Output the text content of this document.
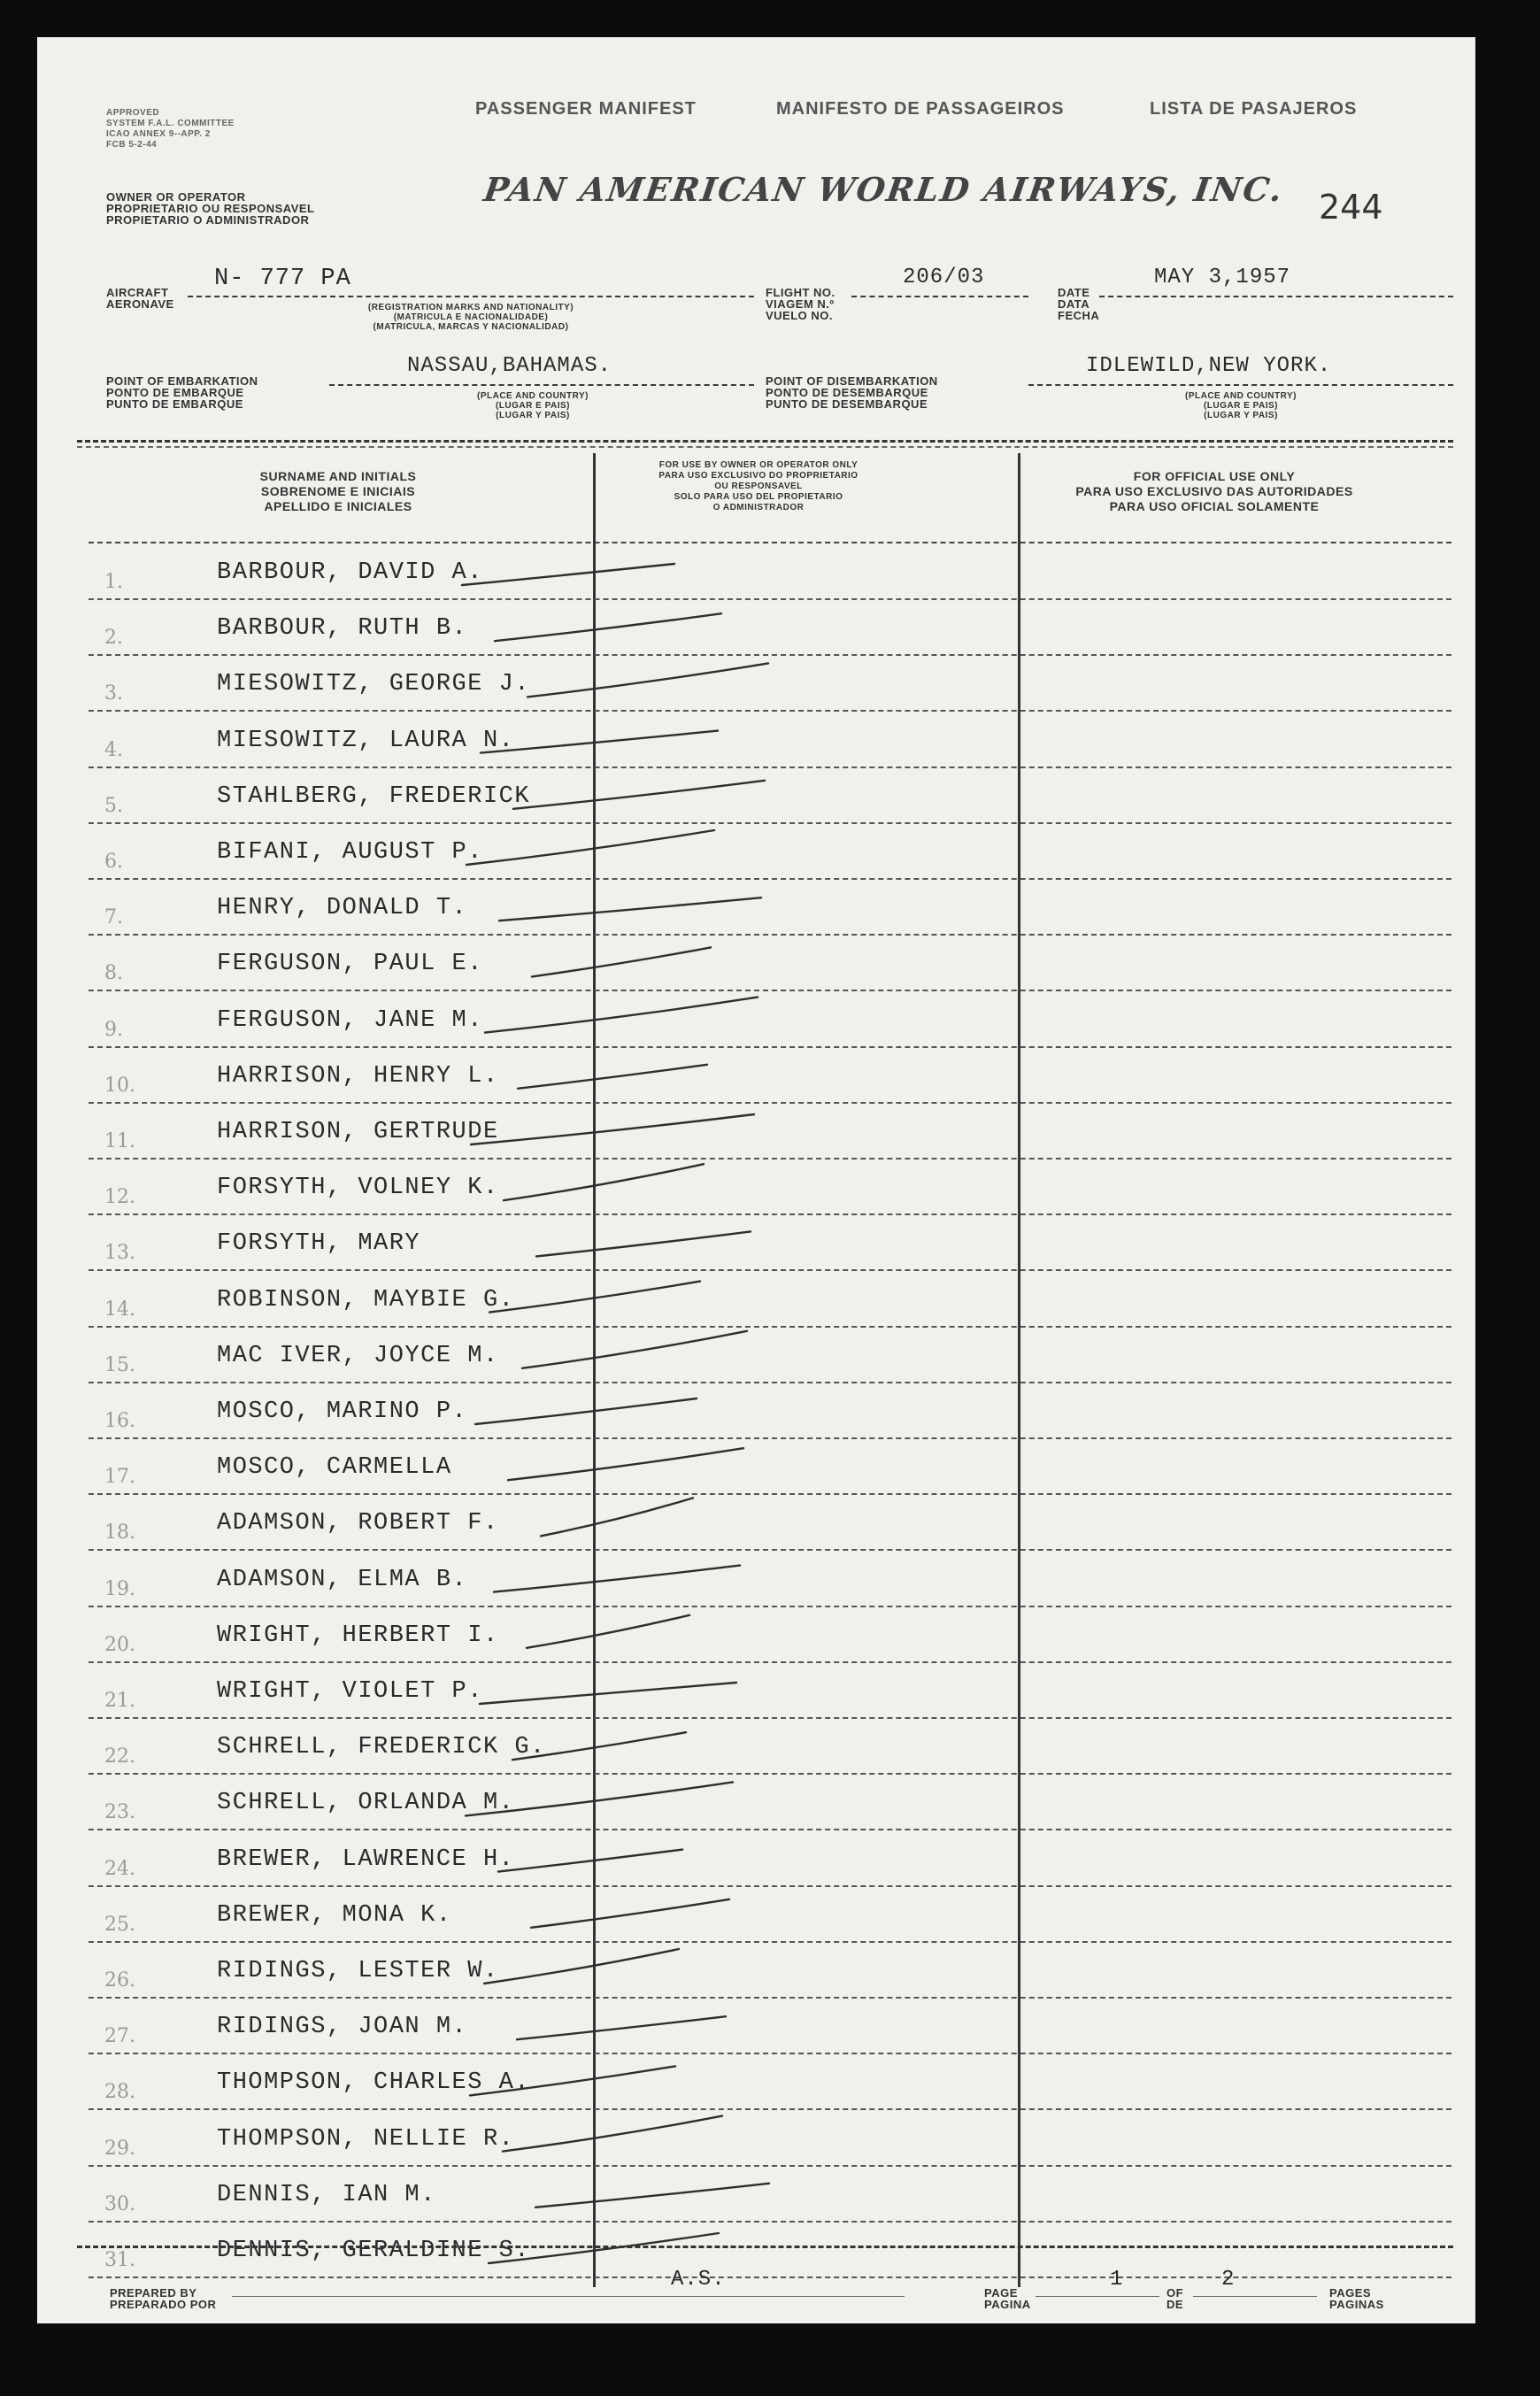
APPROVED
SYSTEM F.A.L. COMMITTEE
ICAO ANNEX 9--APP. 2
FCB 5-2-44
PASSENGER MANIFEST	MANIFESTO DE PASSAGEIROS	LISTA DE PASAJEROS
OWNER OR OPERATOR
PROPRIETARIO OU RESPONSAVEL
PROPIETARIO O ADMINISTRADOR
PAN AMERICAN WORLD AIRWAYS, INC. 244
AIRCRAFT
AERONAVE
N- 777 PA
(REGISTRATION MARKS AND NATIONALITY)
(MATRICULA E NACIONALIDADE)
(MATRICULA, MARCAS Y NACIONALIDAD)
FLIGHT NO.
VIAGEM N.º
VUELO NO.
206/03
DATE
DATA
FECHA
MAY 3,1957
POINT OF EMBARKATION
PONTO DE EMBARQUE
PUNTO DE EMBARQUE
NASSAU,BAHAMAS.
(PLACE AND COUNTRY)
(LUGAR E PAIS)
(LUGAR Y PAIS)
POINT OF DISEMBARKATION
PONTO DE DESEMBARQUE
PUNTO DE DESEMBARQUE
IDLEWILD,NEW YORK.
(PLACE AND COUNTRY)
(LUGAR E PAIS)
(LUGAR Y PAIS)
SURNAME AND INITIALS
SOBRENOME E INICIAIS
APELLIDO E INICIALES
FOR USE BY OWNER OR OPERATOR ONLY
PARA USO EXCLUSIVO DO PROPRIETARIO
OU RESPONSAVEL
SOLO PARA USO DEL PROPIETARIO
O ADMINISTRADOR
FOR OFFICIAL USE ONLY
PARA USO EXCLUSIVO DAS AUTORIDADES
PARA USO OFICIAL SOLAMENTE
1.	BARBOUR, DAVID A.
2.	BARBOUR, RUTH B.
3.	MIESOWITZ, GEORGE J.
4.	MIESOWITZ, LAURA N.
5.	STAHLBERG, FREDERICK
6.	BIFANI, AUGUST P.
7.	HENRY, DONALD T.
8.	FERGUSON, PAUL E.
9.	FERGUSON, JANE M.
10.	HARRISON, HENRY L.
11.	HARRISON, GERTRUDE
12.	FORSYTH, VOLNEY K.
13.	FORSYTH, MARY
14.	ROBINSON, MAYBIE G.
15.	MAC IVER, JOYCE M.
16.	MOSCO, MARINO P.
17.	MOSCO, CARMELLA
18.	ADAMSON, ROBERT F.
19.	ADAMSON, ELMA B.
20.	WRIGHT, HERBERT I.
21.	WRIGHT, VIOLET P.
22.	SCHRELL, FREDERICK G.
23.	SCHRELL, ORLANDA M.
24.	BREWER, LAWRENCE H.
25.	BREWER, MONA K.
26.	RIDINGS, LESTER W.
27.	RIDINGS, JOAN M.
28.	THOMPSON, CHARLES A.
29.	THOMPSON, NELLIE R.
30.	DENNIS, IAN M.
31.	DENNIS, GERALDINE S.
PREPARED BY
PREPARADO POR
A.S.
PAGE
PAGINA
1
OF
DE
2
PAGES
PAGINAS
